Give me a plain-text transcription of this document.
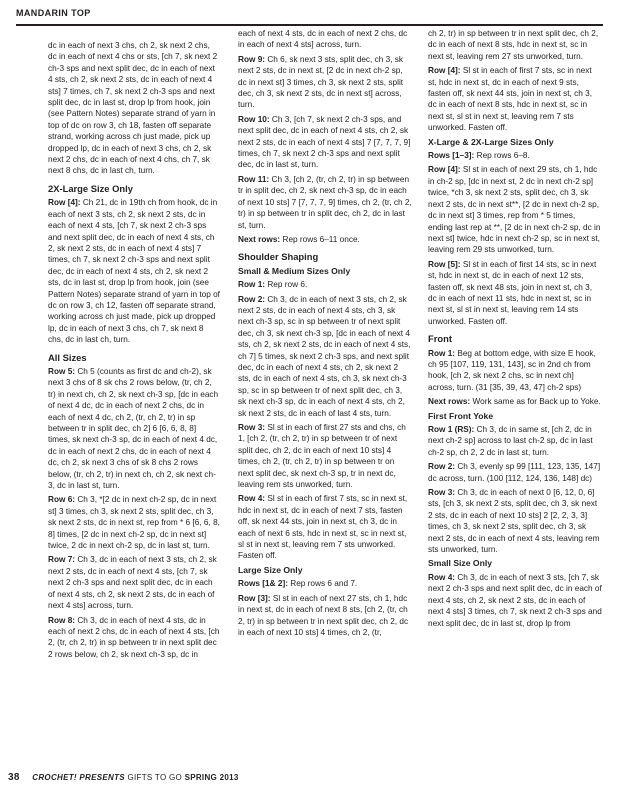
MANDARIN TOP

dc in each of next 3 chs, ch 2, sk next 2 chs, dc in each of next 4 chs or sts, [ch 7, sk next 2 ch-3 sps and next split dec, dc in each of next 4 sts, ch 2, sk next 2 sts, dc in each of next 4 sts] 7 times, ch 7, sk next 2 ch-3 sps and next split dec, dc in last st, drop lp from hook, join (see Pattern Notes) separate strand of yarn in top of dc on row 3, ch 18, fasten off separate strand, working across ch just made, pick up dropped lp, dc in each of next 3 chs, ch 2, sk next 2 chs, dc in each of next 4 chs, ch 7, sk next 8 chs, dc in last ch, turn.

2X-Large Size Only

Row [4]: Ch 21, dc in 19th ch from hook, dc in each of next 3 sts, ch 2, sk next 2 sts, dc in each of next 4 sts, [ch 7, sk next 2 ch-3 sps and next split dec, dc in each of next 4 sts, ch 2, sk next 2 sts, dc in each of next 4 sts] 7 times, ch 7, sk next 2 ch-3 sps and next split dec, dc in each of next 4 sts, ch 2, sk next 2 sts, dc in last st, drop lp from hook, join (see Pattern Notes) separate strand of yarn in top of dc on row 3, ch 12, fasten off separate strand, working across ch just made, pick up dropped lp, dc in each of next 3 chs, ch 7, sk next 8 chs, dc in last ch, turn.

All Sizes

Row 5: Ch 5 (counts as first dc and ch-2), sk next 3 chs of 8 sk chs 2 rows below, (tr, ch 2, tr) in next ch, ch 2, sk next ch-3 sp, [dc in each of next 4 dc, dc in each of next 2 chs, dc in each of next 4 dc, ch 2, (tr, ch 2, tr) in sp between tr in split dec, ch 2] 6 [6, 6, 8, 8] times, sk next ch-3 sp, dc in each of next 4 dc, dc in each of next 2 chs, dc in each of next 4 dc, ch 2, sk next 3 chs of sk 8 chs 2 rows below, (tr, ch 2, tr) in next ch, ch 2, sk next ch-3, dc in last st, turn.

Row 6: Ch 3, *[2 dc in next ch-2 sp, dc in next st] 3 times, ch 3, sk next 2 sts, split dec, ch 3, sk next 2 sts, dc in next st, rep from * 6 [6, 6, 8, 8] times, [2 dc in next ch-2 sp, dc in next st] twice, 2 dc in next ch-2 sp, dc in last st, turn.

Row 7: Ch 3, dc in each of next 3 sts, ch 2, sk next 2 sts, dc in each of next 4 sts, [ch 7, sk next 2 ch-3 sps and next split dec, dc in each of next 4 sts, ch 2, sk next 2 sts, dc in each of next 4 sts] across, turn.

Row 8: Ch 3, dc in each of next 4 sts, dc in each of next 2 chs, dc in each of next 4 sts, [ch 2, (tr, ch 2, tr) in sp between tr in next split dec 2 rows below, ch 2, sk next ch-3 sp, dc in

each of next 4 sts, dc in each of next 2 chs, dc in each of next 4 sts] across, turn.

Row 9: Ch 6, sk next 3 sts, split dec, ch 3, sk next 2 sts, dc in next st, [2 dc in next ch-2 sp, dc in next st] 3 times, ch 3, sk next 2 sts, split dec, ch 3, sk next 2 sts, dc in next st] across, turn.

Row 10: Ch 3, [ch 7, sk next 2 ch-3 sps, and next split dec, dc in each of next 4 sts, ch 2, sk next 2 sts, dc in each of next 4 sts] 7 [7, 7, 7, 9] times, ch 7, sk next 2 ch-3 sps and next split dec, dc in last st, turn.

Row 11: Ch 3, [ch 2, (tr, ch 2, tr) in sp between tr in split dec, ch 2, sk next ch-3 sp, dc in each of next 10 sts] 7 [7, 7, 7, 9] times, ch 2, (tr, ch 2, tr) in sp between tr in split dec, ch 2, dc in last st, turn.

Next rows: Rep rows 6–11 once.

Shoulder Shaping
Small & Medium Sizes Only

Row 1: Rep row 6.

Row 2: Ch 3, dc in each of next 3 sts, ch 2, sk next 2 sts, dc in each of next 4 sts, ch 3, sk next ch-3 sp, sc in sp between tr of next split dec, ch 3, sk next ch-3 sp, [dc in each of next 4 sts, ch 2, sk next 2 sts, dc in each of next 4 sts, ch 7] 5 times, sk next 2 ch-3 sps, and next split dec, dc in each of next 4 sts, ch 2, sk next 2 sts, dc in each of next 4 sts, ch 3, sk next ch-3 sp, sc in sp between tr of next split dec, ch 3, sk next ch-3 sp, dc in each of next 4 sts, ch 2, sk next 2 sts, dc in each of last 4 sts, turn.

Row 3: Sl st in each of first 27 sts and chs, ch 1, [ch 2, (tr, ch 2, tr) in sp between tr of next split dec, ch 2, dc in each of next 10 sts] 4 times, ch 2, (tr, ch 2, tr) in sp between tr on next split dec, sk next ch-3 sp, tr in next dc, leaving rem sts unworked, turn.

Row 4: Sl st in each of first 7 sts, sc in next st, hdc in next st, dc in each of next 7 sts, fasten off, sk next 44 sts, join in next st, ch 3, dc in each of next 6 sts, hdc in next st, sc in next st, sl st in next st, leaving rem 7 sts unworked. Fasten off.

Large Size Only

Rows [1& 2]: Rep rows 6 and 7.

Row [3]: Sl st in each of next 27 sts, ch 1, hdc in next st, dc in each of next 8 sts, [ch 2, (tr, ch 2, tr) in sp between tr in next split dec, ch 2, dc in each of next 10 sts] 4 times, ch 2, (tr,

ch 2, tr) in sp between tr in next split dec, ch 2, dc in each of next 8 sts, hdc in next st, sc in next st, leaving rem 27 sts unworked, turn.

Row [4]: Sl st in each of first 7 sts, sc in next st, hdc in next st, dc in each of next 9 sts, fasten off, sk next 44 sts, join in next st, ch 3, dc in each of next 8 sts, hdc in next st, sc in next st, sl st in next st, leaving rem 7 sts unworked. Fasten off.

X-Large & 2X-Large Sizes Only

Rows [1–3]: Rep rows 6–8.

Row [4]: Sl st in each of next 29 sts, ch 1, hdc in ch-2 sp, [dc in next st, 2 dc in next ch-2 sp] twice, *ch 3, sk next 2 sts, split dec, ch 3, sk next 2 sts, dc in next st**, [2 dc in next ch-2 sp, dc in next st] 3 times, rep from * 5 times, ending last rep at **, [2 dc in next ch-2 sp, dc in next st] twice, hdc in next ch-2 sp, sc in next st, leaving rem 29 sts unworked, turn.

Row [5]: Sl st in each of first 14 sts, sc in next st, hdc in next st, dc in each of next 12 sts, fasten off, sk next 48 sts, join in next st, ch 3, dc in each of next 11 sts, hdc in next st, sc in next st, sl st in next st, leaving rem 14 sts unworked. Fasten off.

Front

Row 1: Beg at bottom edge, with size E hook, ch 95 [107, 119, 131, 143], sc in 2nd ch from hook, [ch 2, sk next 2 chs, sc in next ch] across, turn. (31 [35, 39, 43, 47] ch-2 sps)

Next rows: Work same as for Back up to Yoke.

First Front Yoke

Row 1 (RS): Ch 3, dc in same st, [ch 2, dc in next ch-2 sp] across to last ch-2 sp, dc in last ch-2 sp, ch 2, 2 dc in last st, turn.

Row 2: Ch 3, evenly sp 99 [111, 123, 135, 147] dc across, turn. (100 [112, 124, 136, 148] dc)

Row 3: Ch 3, dc in each of next 0 [6, 12, 0, 6] sts, [ch 3, sk next 2 sts, split dec, ch 3, sk next 2 sts, dc in each of next 10 sts] 2 [2, 2, 3, 3] times, ch 3, sk next 2 sts, split dec, ch 3, sk next 2 sts, dc in each of next 4 sts, leaving rem sts unworked, turn.

Small Size Only

Row 4: Ch 3, dc in each of next 3 sts, [ch 7, sk next 2 ch-3 sps and next split dec, dc in each of next 4 sts, ch 2, sk next 2 sts, dc in each of next 4 sts] 3 times, ch 7, sk next 2 ch-3 sps and next split dec, dc in last st, drop lp from

38 CROCHET! PRESENTS GIFTS TO GO SPRING 2013
